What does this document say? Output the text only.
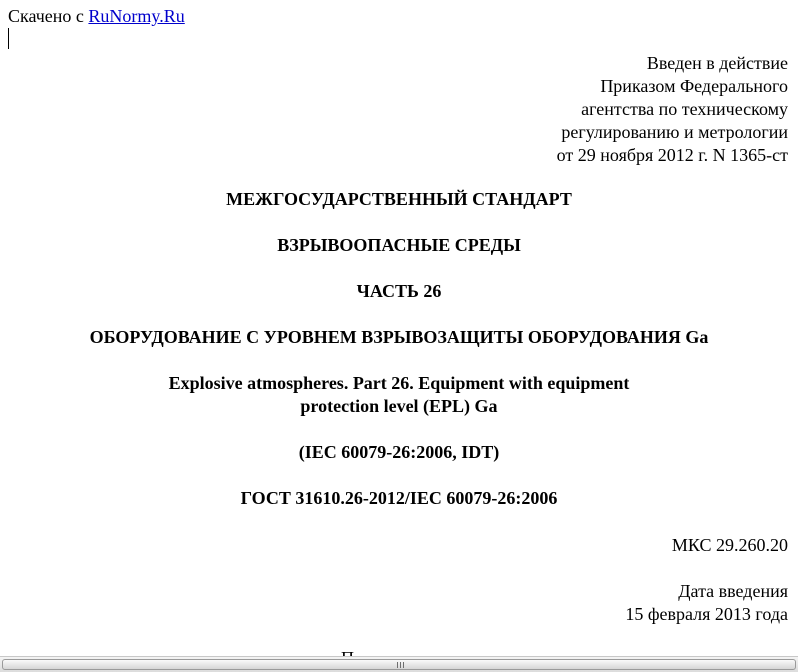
Скачено с RuNormy.Ru
Введен в действие
Приказом Федерального
агентства по техническому
регулированию и метрологии
от 29 ноября 2012 г. N 1365-ст
МЕЖГОСУДАРСТВЕННЫЙ СТАНДАРТ
ВЗРЫВООПАСНЫЕ СРЕДЫ
ЧАСТЬ 26
ОБОРУДОВАНИЕ С УРОВНЕМ ВЗРЫВОЗАЩИТЫ ОБОРУДОВАНИЯ Ga
Explosive atmospheres. Part 26. Equipment with equipment
protection level (EPL) Ga
(IEC 60079-26:2006, IDT)
ГОСТ 31610.26-2012/IEC 60079-26:2006
МКС 29.260.20
Дата введения
15 февраля 2013 года
